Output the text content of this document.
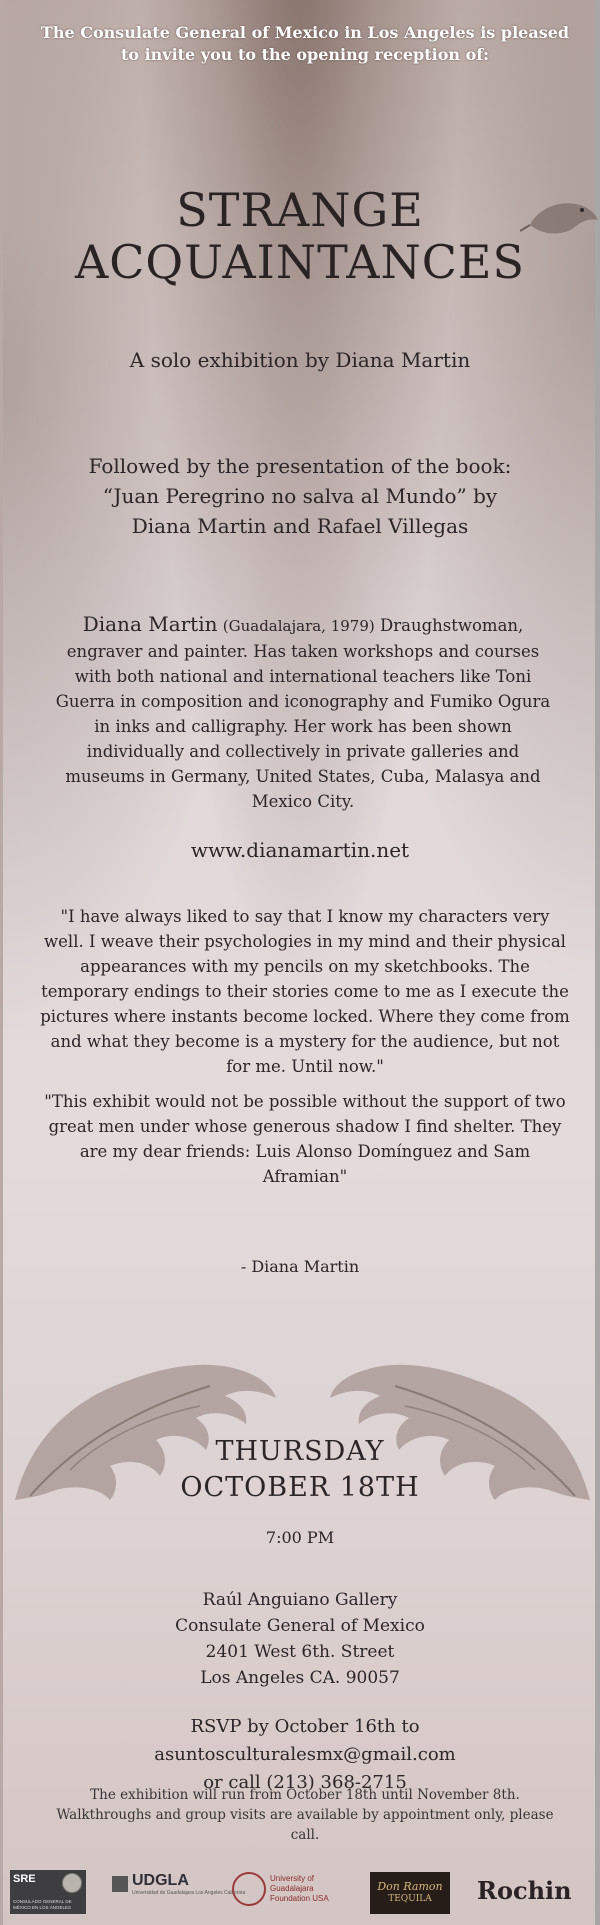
The Consulate General of Mexico in Los Angeles is pleased to invite you to the opening reception of:
STRANGE
ACQUAINTANCES
A solo exhibition by Diana Martin
Followed by the presentation of the book:
“Juan Peregrino no salva al Mundo” by
Diana Martin and Rafael Villegas
Diana Martin (Guadalajara, 1979) Draughstwoman, engraver and painter. Has taken workshops and courses with both national and international teachers like Toni Guerra in composition and iconography and Fumiko Ogura in inks and calligraphy. Her work has been shown individually and collectively in private galleries and museums in Germany, United States, Cuba, Malasya and Mexico City.
www.dianamartin.net
"I have always liked to say that I know my characters very well. I weave their psychologies in my mind and their physical appearances with my pencils on my sketchbooks. The temporary endings to their stories come to me as I execute the pictures where instants become locked. Where they come from and what they become is a mystery for the audience, but not for me. Until now."
"This exhibit would not be possible without the support of two great men under whose generous shadow I find shelter. They are my dear friends: Luis Alonso Domínguez and Sam Aframian"
- Diana Martin
THURSDAY
OCTOBER 18TH
7:00 PM
Raúl Anguiano Gallery
Consulate General of Mexico
2401 West 6th. Street
Los Angeles CA. 90057
RSVP by October 16th to asuntosculturalesmx@gmail.com
or call (213) 368-2715
The exhibition will run from October 18th until November 8th. Walkthroughs and group visits are available by appointment only, please call.
SRE
CONSULADO GENERAL DE MÉXICO EN LOS ÁNGELES
UDGLA
Universidad de Guadalajara Los Angeles California
University of
Guadalajara
Foundation USA
Don Ramon
TEQUILA Rochin
